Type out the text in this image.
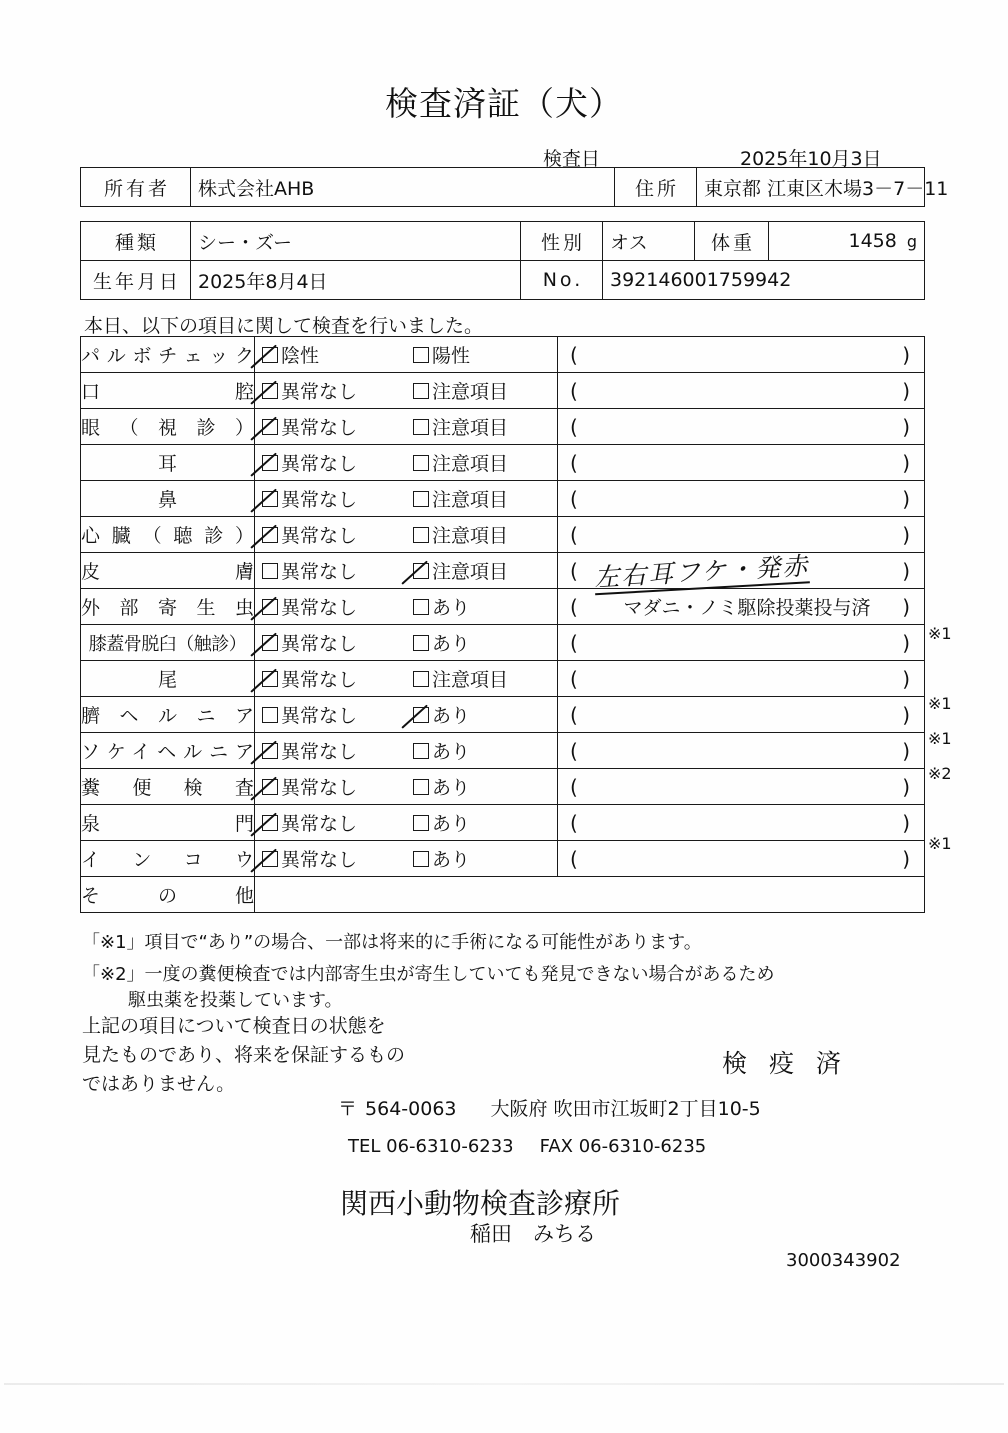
検査済証（犬）
検査日	2025年10月3日
所有者	株式会社AHB	住所	東京都 江東区木場3－7－11
種類	シー・ズー	性別	オス	体重	1458 g
生年月日	2025年8月4日	No.	392146001759942		
本日、以下の項目に関して検査を行いました。
パルボチェック	陰性	陽性	(	)

口　　　　腔	異常なし	注意項目	(	)

眼（視診）	異常なし	注意項目	(	)

耳	異常なし	注意項目	(	)

鼻	異常なし	注意項目	(	)

心臓（聴診）	異常なし	注意項目	(	)

皮　　　　膚	異常なし	注意項目	( 左右耳フケ・発赤	)

外部寄生虫	異常なし	あり	(	マダニ・ノミ駆除投薬投与済	)

膝蓋骨脱臼（触診）	異常なし	あり	(	)

尾	異常なし	注意項目	(	)

臍ヘルニア	異常なし	あり	(	)

ソケイヘルニア	異常なし	あり	(	)

糞便検査	異常なし	あり	(	)

泉　　　　門	異常なし	あり	(	)

インコウ	異常なし	あり	(	)

そ　の　他		

※1
※1
※1
※2
※1
「※1」項目で“あり”の場合、一部は将来的に手術になる可能性があります。
「※2」一度の糞便検査では内部寄生虫が寄生していても発見できない場合があるため
駆虫薬を投薬しています。
上記の項目について検査日の状態を
見たものであり、将来を保証するもの
ではありません。
検 疫 済
〒 564-0063 大阪府 吹田市江坂町2丁目10-5
TEL 06-6310-6233 FAX 06-6310-6235
関西小動物検査診療所
稲田　みちる
3000343902
